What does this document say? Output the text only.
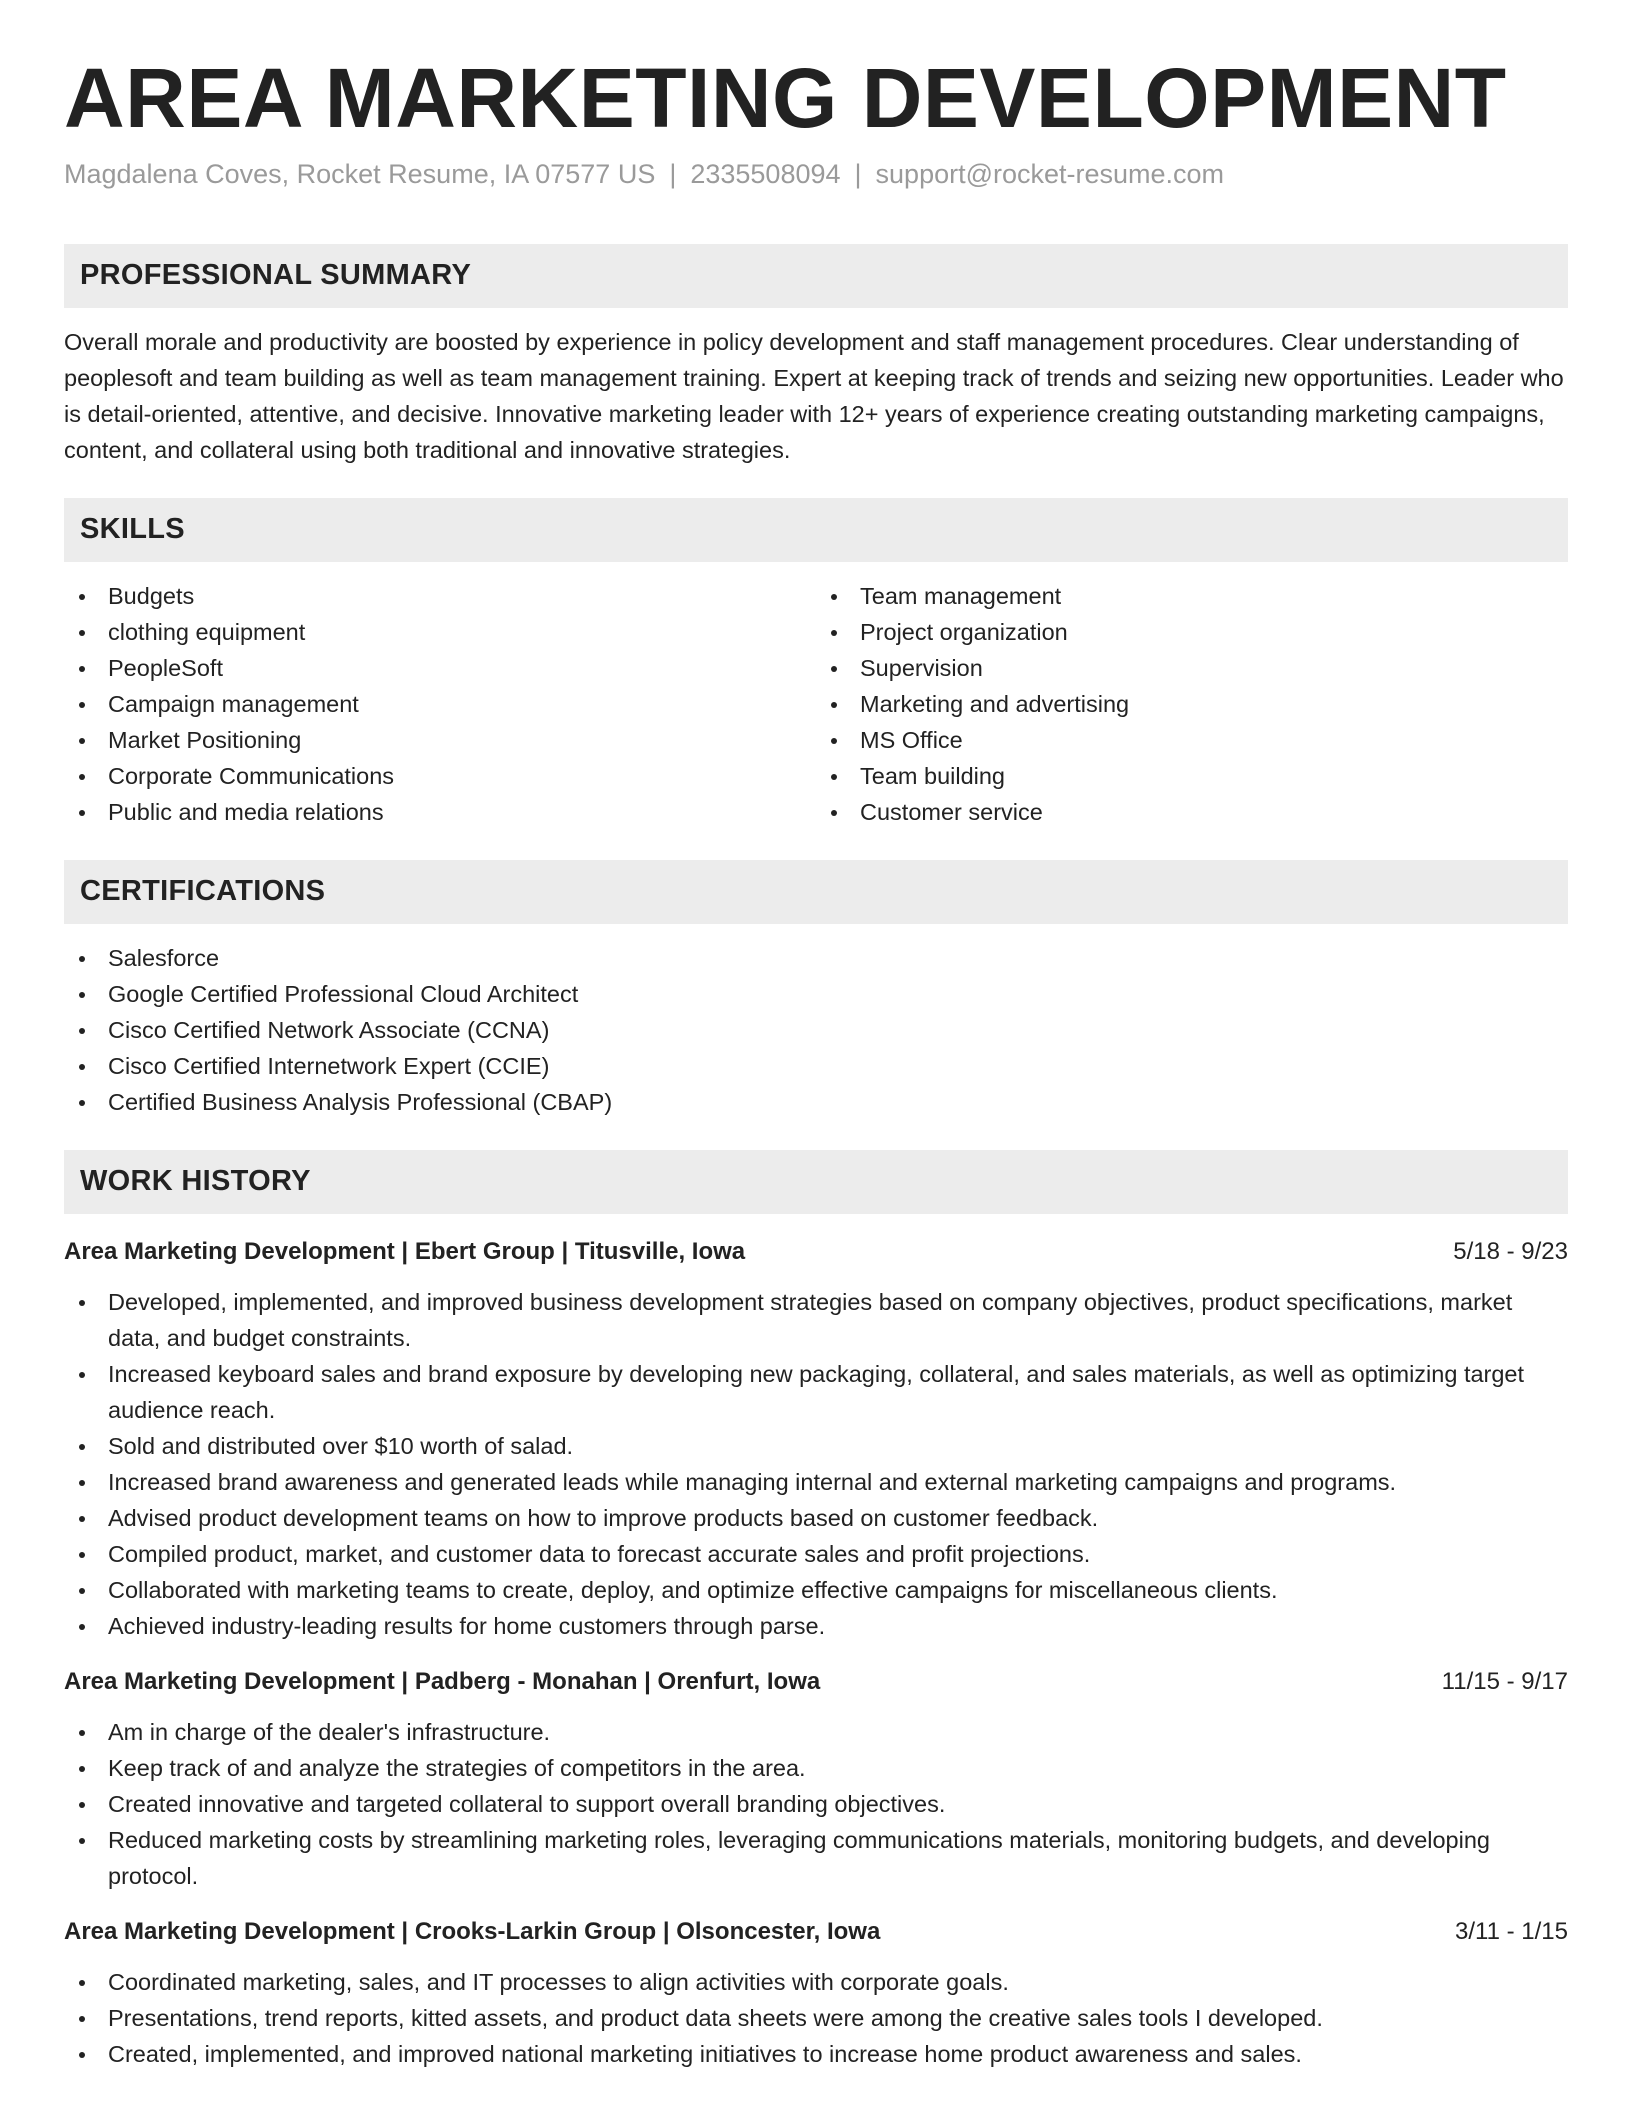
AREA MARKETING DEVELOPMENT
Magdalena Coves, Rocket Resume, IA 07577 US | 2335508094 | support@rocket-resume.com
PROFESSIONAL SUMMARY
Overall morale and productivity are boosted by experience in policy development and staff management procedures. Clear understanding of peoplesoft and team building as well as team management training. Expert at keeping track of trends and seizing new opportunities. Leader who is detail-oriented, attentive, and decisive. Innovative marketing leader with 12+ years of experience creating outstanding marketing campaigns, content, and collateral using both traditional and innovative strategies.
SKILLS
Budgets
clothing equipment
PeopleSoft
Campaign management
Market Positioning
Corporate Communications
Public and media relations
Team management
Project organization
Supervision
Marketing and advertising
MS Office
Team building
Customer service
CERTIFICATIONS
Salesforce
Google Certified Professional Cloud Architect
Cisco Certified Network Associate (CCNA)
Cisco Certified Internetwork Expert (CCIE)
Certified Business Analysis Professional (CBAP)
WORK HISTORY
Area Marketing Development | Ebert Group | Titusville, Iowa	5/18 - 9/23
Developed, implemented, and improved business development strategies based on company objectives, product specifications, market data, and budget constraints.
Increased keyboard sales and brand exposure by developing new packaging, collateral, and sales materials, as well as optimizing target audience reach.
Sold and distributed over $10 worth of salad.
Increased brand awareness and generated leads while managing internal and external marketing campaigns and programs.
Advised product development teams on how to improve products based on customer feedback.
Compiled product, market, and customer data to forecast accurate sales and profit projections.
Collaborated with marketing teams to create, deploy, and optimize effective campaigns for miscellaneous clients.
Achieved industry-leading results for home customers through parse.
Area Marketing Development | Padberg - Monahan | Orenfurt, Iowa	11/15 - 9/17
Am in charge of the dealer's infrastructure.
Keep track of and analyze the strategies of competitors in the area.
Created innovative and targeted collateral to support overall branding objectives.
Reduced marketing costs by streamlining marketing roles, leveraging communications materials, monitoring budgets, and developing protocol.
Area Marketing Development | Crooks-Larkin Group | Olsoncester, Iowa	3/11 - 1/15
Coordinated marketing, sales, and IT processes to align activities with corporate goals.
Presentations, trend reports, kitted assets, and product data sheets were among the creative sales tools I developed.
Created, implemented, and improved national marketing initiatives to increase home product awareness and sales.
